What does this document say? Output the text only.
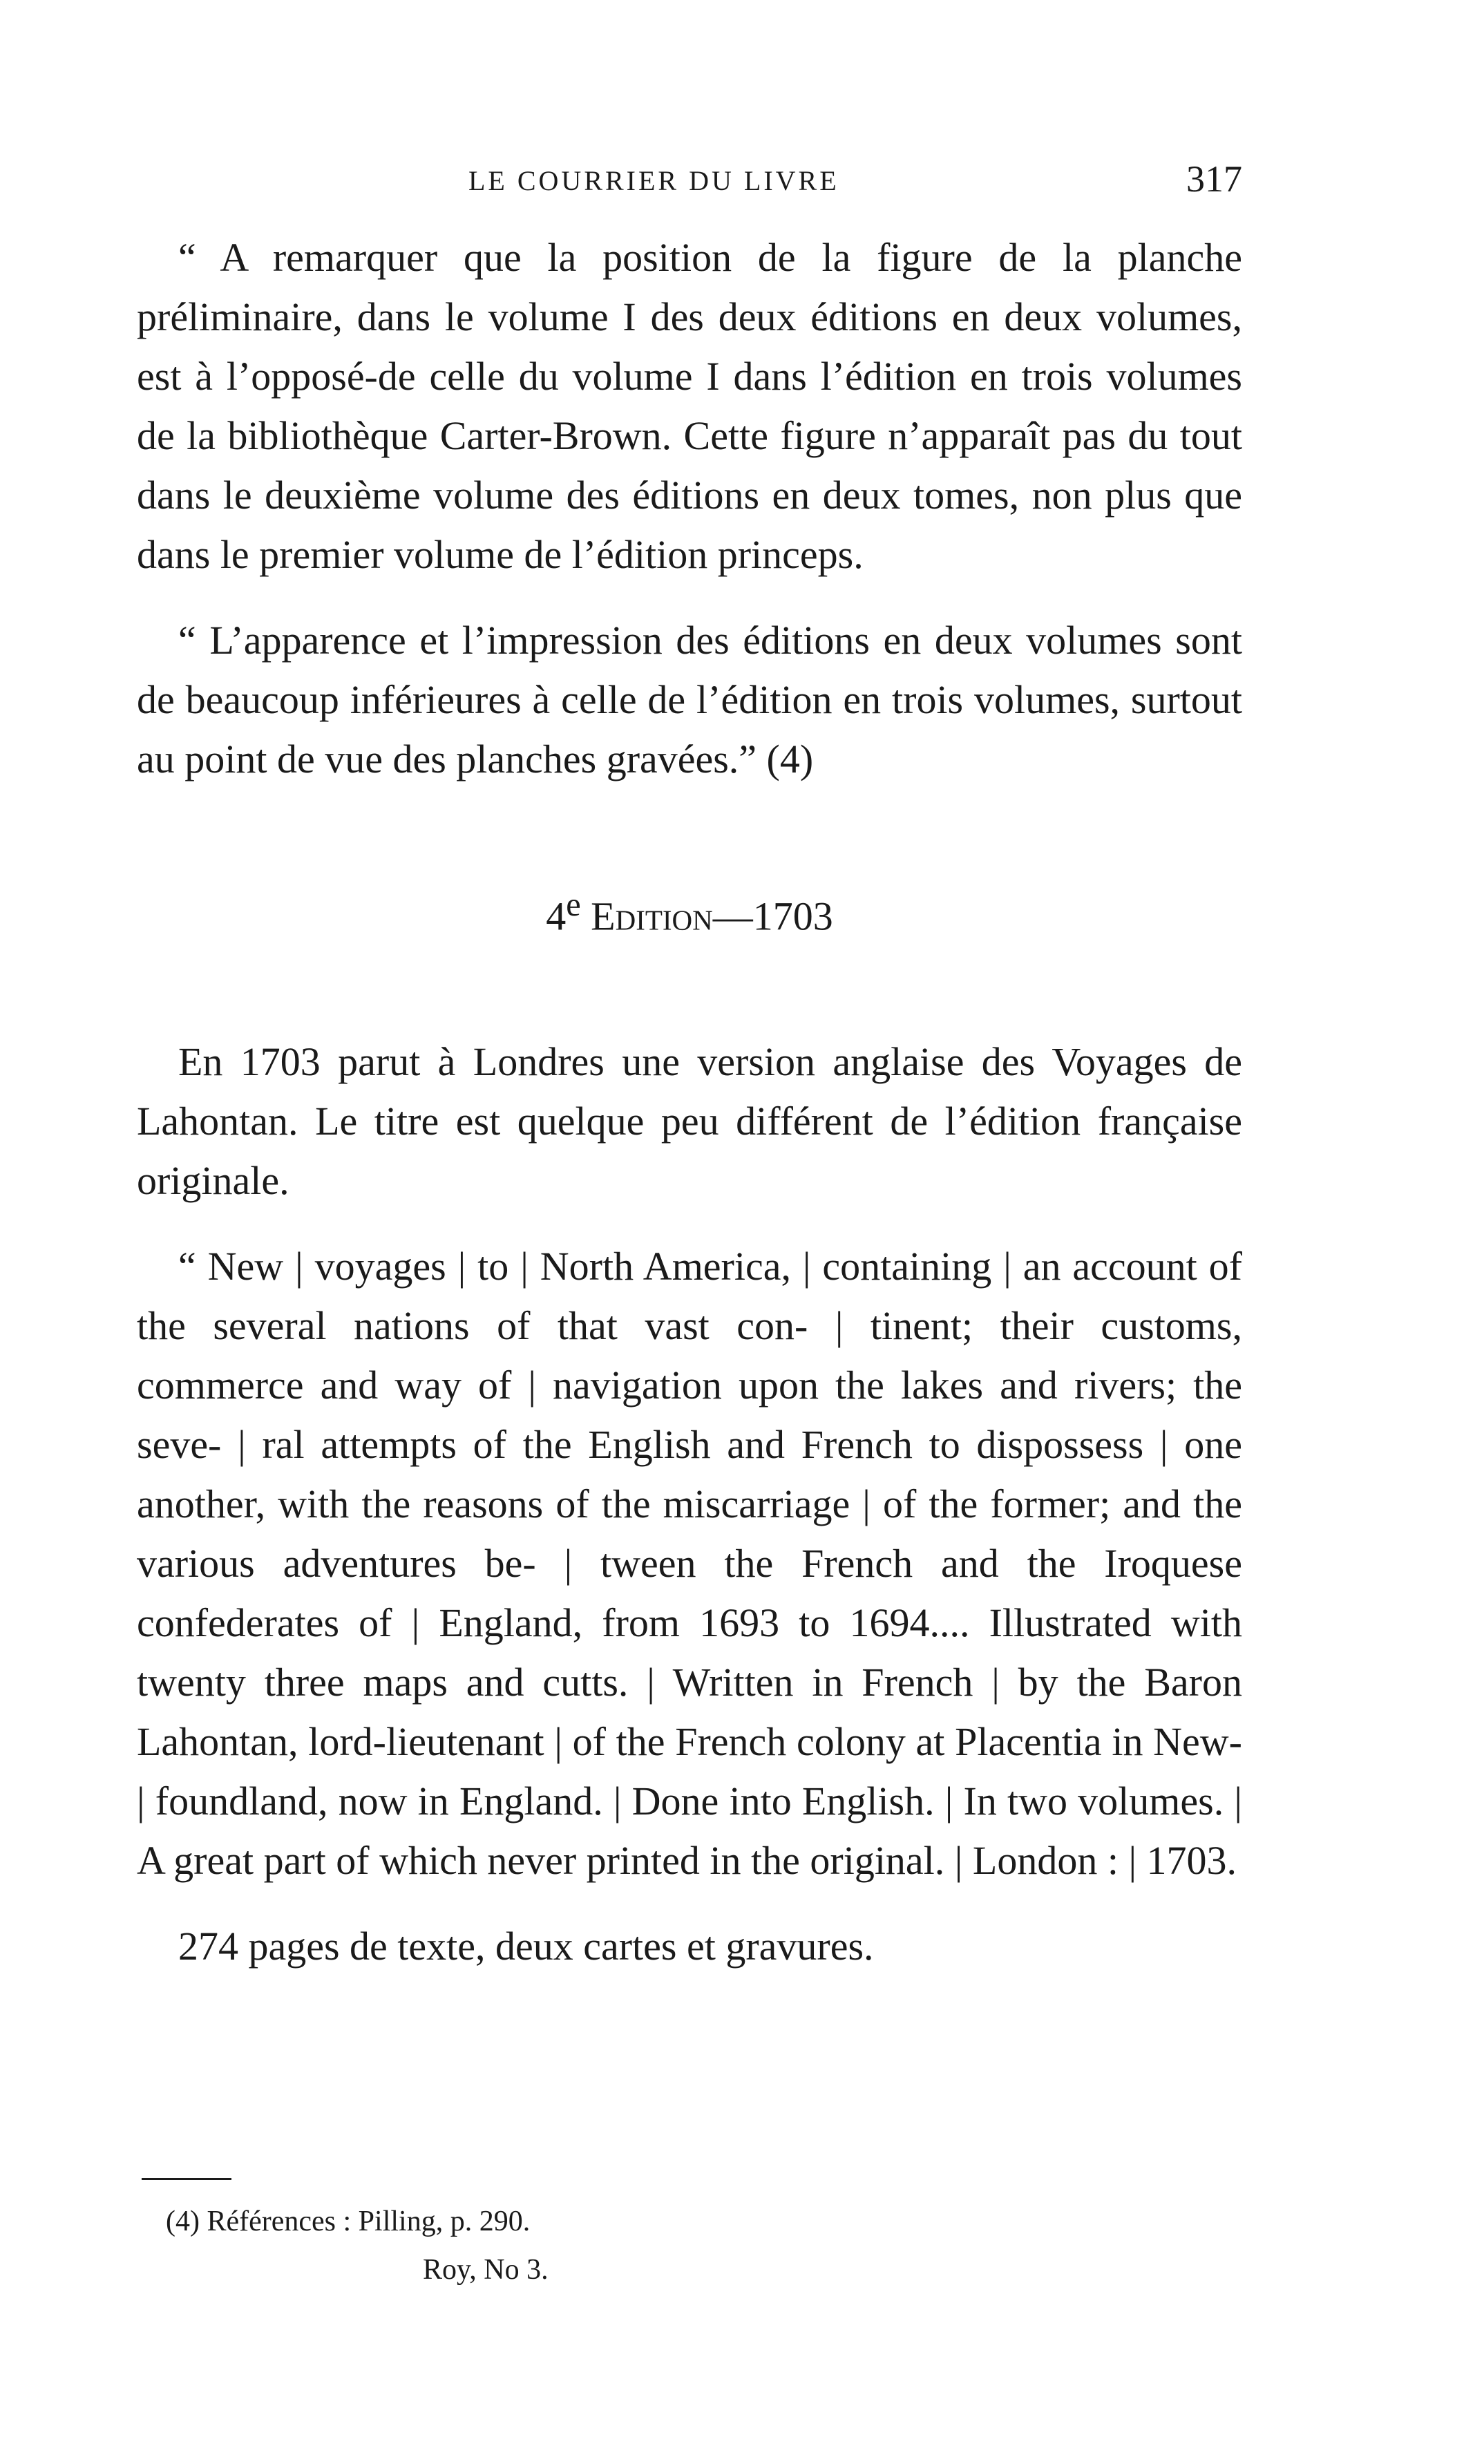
LE COURRIER DU LIVRE	317

“ A remarquer que la position de la figure de la planche préliminaire, dans le volume I des deux éditions en deux volumes, est à l’opposé-de celle du volume I dans l’édition en trois volumes de la bibliothèque Carter-Brown. Cette figure n’apparaît pas du tout dans le deuxième volume des éditions en deux tomes, non plus que dans le premier volume de l’édition princeps.

“ L’apparence et l’impression des éditions en deux volumes sont de beaucoup inférieures à celle de l’édition en trois volumes, surtout au point de vue des planches gravées.” (4)

4e Edition—1703

En 1703 parut à Londres une version anglaise des Voyages de Lahontan. Le titre est quelque peu différent de l’édition française originale.

“ New | voyages | to | North America, | containing | an account of the several nations of that vast con- | tinent; their customs, commerce and way of | navigation upon the lakes and rivers; the seve- | ral attempts of the English and French to dispossess | one another, with the reasons of the miscarriage | of the former; and the various adventures be- | tween the French and the Iroquese confederates of | England, from 1693 to 1694.... Illustrated with twenty three maps and cutts. | Written in French | by the Baron Lahontan, lord-lieutenant | of the French colony at Placentia in New- | foundland, now in England. | Done into English. | In two volumes. | A great part of which never printed in the original. | London : | 1703.

274 pages de texte, deux cartes et gravures.

(4) Références : Pilling, p. 290.
Roy, No 3.
